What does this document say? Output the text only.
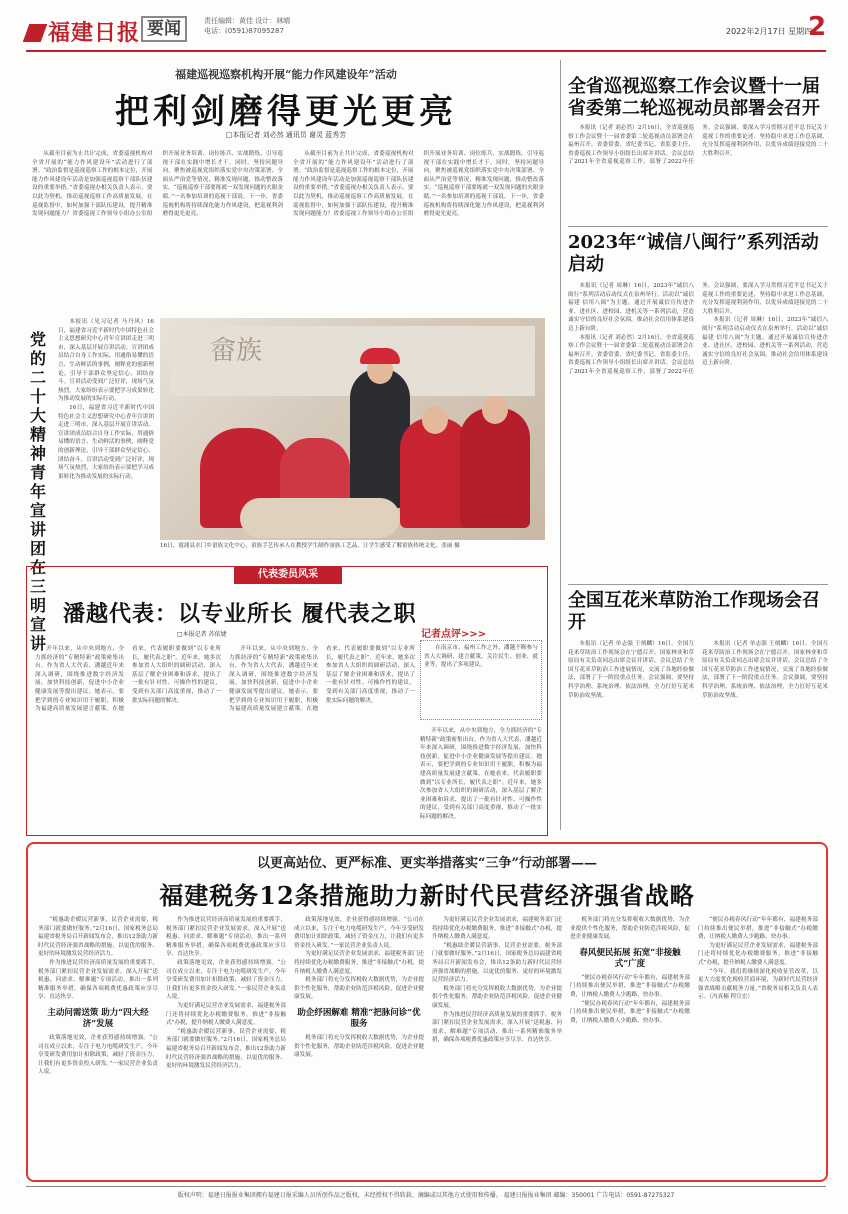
福建日报 要闻	责任编辑：黄佳 设计：林晴
电话：(0591)87095287	2022年2月17日 星期四
2
福建巡视巡察机构开展“能力作风建设年”活动
把利剑磨得更光更亮
□本报记者 刘必然 通讯员 谢灵 蓝秀芳

从截至目前为止共计完成，省委巡视机构对全省开展的“能力作风建设年”活动进行了部署。“政治监督是巡视巡察工作的根本定位，开展能力作风建设年活动是加强巡视巡察干部队伍建设的重要举措。”省委巡视办相关负责人表示，要以此为契机，推动巡视巡察工作高质量发展。在巡视监督中，如何加强干部队伍建设，提升精准发现问题能力？省委巡视工作领导小组办公室组织开展业务培训、岗位练兵、实战锻炼，引导巡视干部在实践中增长才干。同时，坚持问题导向，聚焦被巡视党组织落实党中央决策部署、全面从严治党等情况，精准发现问题，推动整改落实。“巡视巡察干部要练就一双发现问题的火眼金睛。”一名参加培训的巡视干部说。下一步，省委巡视机构将持续深化能力作风建设，把巡视利剑磨得更光更亮。

从截至目前为止共计完成，省委巡视机构对全省开展的“能力作风建设年”活动进行了部署。“政治监督是巡视巡察工作的根本定位，开展能力作风建设年活动是加强巡视巡察干部队伍建设的重要举措。”省委巡视办相关负责人表示，要以此为契机，推动巡视巡察工作高质量发展。在巡视监督中，如何加强干部队伍建设，提升精准发现问题能力？省委巡视工作领导小组办公室组织开展业务培训、岗位练兵、实战锻炼，引导巡视干部在实践中增长才干。同时，坚持问题导向，聚焦被巡视党组织落实党中央决策部署、全面从严治党等情况，精准发现问题，推动整改落实。“巡视巡察干部要练就一双发现问题的火眼金睛。”一名参加培训的巡视干部说。下一步，省委巡视机构将持续深化能力作风建设，把巡视利剑磨得更光更亮。

党的二十大精神青年宣讲团在三明宣讲

本报讯（见习记者 马丹风）16日，福建省习近平新时代中国特色社会主义思想研究中心青年宣讲团走进三明市，深入基层开展宣讲活动。宣讲团成员结合自身工作实际，用通俗易懂的语言、生动鲜活的事例，阐释党的创新理论，引导干部群众坚定信心、团结奋斗。宣讲活动受到广泛好评，现场气氛热烈，大家纷纷表示要把学习成果转化为推动发展的实际行动。

16日，福建省习近平新时代中国特色社会主义思想研究中心青年宣讲团走进三明市，深入基层开展宣讲活动。宣讲团成员结合自身工作实际，用通俗易懂的语言、生动鲜活的事例，阐释党的创新理论，引导干部群众坚定信心、团结奋斗。宣讲活动受到广泛好评，现场气氛热烈，大家纷纷表示要把学习成果转化为推动发展的实际行动。

畲族
16日，霞浦县水门乡畲族文化中心，畲族手艺传承人在教授学生制作畲族工艺品，让学生感受了解畲族传统文化。张丽 摄
代表委员风采
潘越代表：以专业所长 履代表之职
□本报记者 苏依婕	记者点评>>>

在南京市、福州工作之外，潘越不断参与省人大调研，建言献策，关注民生、创业、就业等，提出了多项建议。

开年以来，从中央到地方，全力抓经济的“专精特新”政策密集出台。作为省人大代表，潘越近年来深入调研，围绕推进数字经济发展，加快科技创新，促进中小企业健康发展等提出建议。她表示，要把学到的专业知识用于履职，积极为福建高质量发展建言献策。在她看来，代表履职要做到“以专业所长，履代表之职”。近年来，她多次参加省人大组织的调研活动，深入基层了解企业困难和诉求，提出了一批有针对性、可操作性的建议，受到有关部门高度重视，推动了一批实际问题的解决。

开年以来，从中央到地方，全力抓经济的“专精特新”政策密集出台。作为省人大代表，潘越近年来深入调研，围绕推进数字经济发展，加快科技创新，促进中小企业健康发展等提出建议。她表示，要把学到的专业知识用于履职，积极为福建高质量发展建言献策。在她看来，代表履职要做到“以专业所长，履代表之职”。近年来，她多次参加省人大组织的调研活动，深入基层了解企业困难和诉求，提出了一批有针对性、可操作性的建议，受到有关部门高度重视，推动了一批实际问题的解决。

开年以来，从中央到地方，全力抓经济的“专精特新”政策密集出台。作为省人大代表，潘越近年来深入调研，围绕推进数字经济发展，加快科技创新，促进中小企业健康发展等提出建议。她表示，要把学到的专业知识用于履职，积极为福建高质量发展建言献策。在她看来，代表履职要做到“以专业所长，履代表之职”。近年来，她多次参加省人大组织的调研活动，深入基层了解企业困难和诉求，提出了一批有针对性、可操作性的建议，受到有关部门高度重视，推动了一批实际问题的解决。

全省巡视巡察工作会议暨十一届省委第二轮巡视动员部署会召开

本报讯（记者 刘必然）2月16日，全省巡视巡察工作会议暨十一届省委第二轮巡视动员部署会在福州召开。省委常委、省纪委书记、省监委主任、省委巡视工作领导小组组长出席并讲话。会议总结了2021年全省巡视巡察工作，部署了2022年任务。会议强调，要深入学习贯彻习近平总书记关于巡视工作的重要论述，坚持稳中求进工作总基调，充分发挥巡视利剑作用，以优异成绩迎接党的二十大胜利召开。

2023年“诚信八闽行”系列活动启动

本报讯（记者 周琳）16日，2023年“诚信八闽行”系列活动启动仪式在泉州举行。活动以“诚信福建 信用八闽”为主题，通过开展诚信宣传进企业、进社区、进校园、进机关等一系列活动，营造诚实守信的良好社会氛围，推动社会信用体系建设迈上新台阶。

本报讯（记者 刘必然）2月16日，全省巡视巡察工作会议暨十一届省委第二轮巡视动员部署会在福州召开。省委常委、省纪委书记、省监委主任、省委巡视工作领导小组组长出席并讲话。会议总结了2021年全省巡视巡察工作，部署了2022年任务。会议强调，要深入学习贯彻习近平总书记关于巡视工作的重要论述，坚持稳中求进工作总基调，充分发挥巡视利剑作用，以优异成绩迎接党的二十大胜利召开。

本报讯（记者 周琳）16日，2023年“诚信八闽行”系列活动启动仪式在泉州举行。活动以“诚信福建 信用八闽”为主题，通过开展诚信宣传进企业、进社区、进校园、进机关等一系列活动，营造诚实守信的良好社会氛围，推动社会信用体系建设迈上新台阶。

全国互花米草防治工作现场会召开

本报讯（记者 单志强 王炳麟）16日，全国互花米草防治工作现场会在宁德召开。国家林业和草原局有关负责同志出席会议并讲话。会议总结了全国互花米草防治工作进展情况，交流了各地经验做法，部署了下一阶段重点任务。会议强调，要坚持科学治理、系统治理、依法治理，全力打好互花米草防治攻坚战。

本报讯（记者 单志强 王炳麟）16日，全国互花米草防治工作现场会在宁德召开。国家林业和草原局有关负责同志出席会议并讲话。会议总结了全国互花米草防治工作进展情况，交流了各地经验做法，部署了下一阶段重点任务。会议强调，要坚持科学治理、系统治理、依法治理，全力打好互花米草防治攻坚战。

以更高站位、更严标准、更实举措落实“三争”行动部署——
福建税务12条措施助力新时代民营经济强省战略

“税惠助企暖民营新事，民营企业需要，税务部门就要做好服务。”2月16日，国家税务总局福建省税务局召开新闻发布会，推出12条助力新时代民营经济强省战略的措施，以更优的服务、更好的环境激发民营经济活力。

作为推进民营经济高质量发展的重要抓手，税务部门紧扣民营企业发展需求，深入开展“送税惠、问需求、解难题”专项活动，推出一系列精准服务举措，确保各项税费优惠政策应享尽享、直达快享。

主动问需送策 助力“四大经济”发展

政策落地见效，企业获得感持续增强。“公司在成立以来，专注于电力电缆研发生产，今年享受研发费用加计扣除政策，减轻了资金压力，让我们有更多资金投入研发。”一家民营企业负责人说。

作为推进民营经济高质量发展的重要抓手，税务部门紧扣民营企业发展需求，深入开展“送税惠、问需求、解难题”专项活动，推出一系列精准服务举措，确保各项税费优惠政策应享尽享、直达快享。

政策落地见效，企业获得感持续增强。“公司在成立以来，专注于电力电缆研发生产，今年享受研发费用加计扣除政策，减轻了资金压力，让我们有更多资金投入研发。”一家民营企业负责人说。

为更好满足民营企业发展需求，福建税务部门还将持续优化办税缴费服务，推进“非接触式”办税，提升纳税人缴费人满意度。

“税惠助企暖民营新事，民营企业需要，税务部门就要做好服务。”2月16日，国家税务总局福建省税务局召开新闻发布会，推出12条助力新时代民营经济强省战略的措施，以更优的服务、更好的环境激发民营经济活力。

政策落地见效，企业获得感持续增强。“公司在成立以来，专注于电力电缆研发生产，今年享受研发费用加计扣除政策，减轻了资金压力，让我们有更多资金投入研发。”一家民营企业负责人说。

为更好满足民营企业发展需求，福建税务部门还将持续优化办税缴费服务，推进“非接触式”办税，提升纳税人缴费人满意度。

税务部门将充分发挥税收大数据优势，为企业提供个性化服务，帮助企业防范涉税风险，促进企业健康发展。

助企纾困解难 精准“把脉问诊”优服务

税务部门将充分发挥税收大数据优势，为企业提供个性化服务，帮助企业防范涉税风险，促进企业健康发展。

为更好满足民营企业发展需求，福建税务部门还将持续优化办税缴费服务，推进“非接触式”办税，提升纳税人缴费人满意度。

“税惠助企暖民营新事，民营企业需要，税务部门就要做好服务。”2月16日，国家税务总局福建省税务局召开新闻发布会，推出12条助力新时代民营经济强省战略的措施，以更优的服务、更好的环境激发民营经济活力。

税务部门将充分发挥税收大数据优势，为企业提供个性化服务，帮助企业防范涉税风险，促进企业健康发展。

作为推进民营经济高质量发展的重要抓手，税务部门紧扣民营企业发展需求，深入开展“送税惠、问需求、解难题”专项活动，推出一系列精准服务举措，确保各项税费优惠政策应享尽享、直达快享。

税务部门将充分发挥税收大数据优势，为企业提供个性化服务，帮助企业防范涉税风险，促进企业健康发展。

春风便民拓展 拓宽“非接触式”广度

“便民办税春风行动”年年都有，福建税务部门持续推出便民举措，推进“非接触式”办税缴费，让纳税人缴费人少跑路、快办事。

“便民办税春风行动”年年都有，福建税务部门持续推出便民举措，推进“非接触式”办税缴费，让纳税人缴费人少跑路、快办事。

“便民办税春风行动”年年都有，福建税务部门持续推出便民举措，推进“非接触式”办税缴费，让纳税人缴费人少跑路、快办事。

为更好满足民营企业发展需求，福建税务部门还将持续优化办税缴费服务，推进“非接触式”办税，提升纳税人缴费人满意度。

“今年，我们将继续深化税收征管改革，以更大力度优化税收营商环境，为新时代民营经济强省战略贡献税务力量。”省税务局相关负责人表示。（冯真楠 程宣宏）

版权声明：福建日报报业集团拥有福建日报采编人员所创作品之版权，未经授权不得转载、摘编或以其他方式使用和传播。 福建日报报业集团 邮编：350001 广告电话：0591-87275327
